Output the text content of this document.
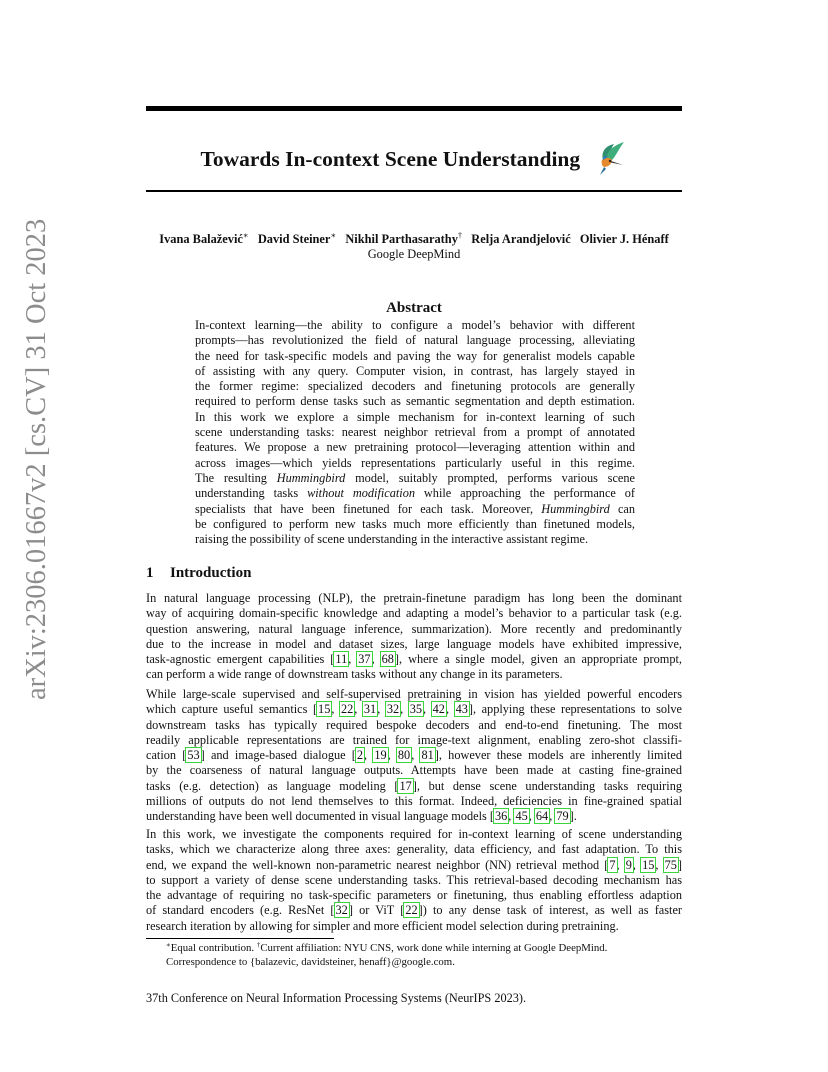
arXiv:2306.01667v2 [cs.CV] 31 Oct 2023
Towards In-context Scene Understanding
Ivana Balažević∗ David Steiner∗ Nikhil Parthasarathy† Relja Arandjelović Olivier J. Hénaff
Google DeepMind
Abstract
In-context learning—the ability to configure a model’s behavior with different
prompts—has revolutionized the field of natural language processing, alleviating
the need for task-specific models and paving the way for generalist models capable
of assisting with any query. Computer vision, in contrast, has largely stayed in
the former regime: specialized decoders and finetuning protocols are generally
required to perform dense tasks such as semantic segmentation and depth estimation.
In this work we explore a simple mechanism for in-context learning of such
scene understanding tasks: nearest neighbor retrieval from a prompt of annotated
features. We propose a new pretraining protocol—leveraging attention within and
across images—which yields representations particularly useful in this regime.
The resulting Hummingbird model, suitably prompted, performs various scene
understanding tasks without modification while approaching the performance of
specialists that have been finetuned for each task. Moreover, Hummingbird can
be configured to perform new tasks much more efficiently than finetuned models,
raising the possibility of scene understanding in the interactive assistant regime.
1 Introduction
In natural language processing (NLP), the pretrain-finetune paradigm has long been the dominant
way of acquiring domain-specific knowledge and adapting a model’s behavior to a particular task (e.g.
question answering, natural language inference, summarization). More recently and predominantly
due to the increase in model and dataset sizes, large language models have exhibited impressive,
task-agnostic emergent capabilities [11, 37, 68], where a single model, given an appropriate prompt,
can perform a wide range of downstream tasks without any change in its parameters.
While large-scale supervised and self-supervised pretraining in vision has yielded powerful encoders
which capture useful semantics [15, 22, 31, 32, 35, 42, 43], applying these representations to solve
downstream tasks has typically required bespoke decoders and end-to-end finetuning. The most
readily applicable representations are trained for image-text alignment, enabling zero-shot classifi-
cation [53] and image-based dialogue [2, 19, 80, 81], however these models are inherently limited
by the coarseness of natural language outputs. Attempts have been made at casting fine-grained
tasks (e.g. detection) as language modeling [17], but dense scene understanding tasks requiring
millions of outputs do not lend themselves to this format. Indeed, deficiencies in fine-grained spatial
understanding have been well documented in visual language models [36, 45, 64, 79].
In this work, we investigate the components required for in-context learning of scene understanding
tasks, which we characterize along three axes: generality, data efficiency, and fast adaptation. To this
end, we expand the well-known non-parametric nearest neighbor (NN) retrieval method [7, 9, 15, 75]
to support a variety of dense scene understanding tasks. This retrieval-based decoding mechanism has
the advantage of requiring no task-specific parameters or finetuning, thus enabling effortless adaption
of standard encoders (e.g. ResNet [32] or ViT [22]) to any dense task of interest, as well as faster
research iteration by allowing for simpler and more efficient model selection during pretraining.
∗Equal contribution. †Current affiliation: NYU CNS, work done while interning at Google DeepMind.
Correspondence to {balazevic, davidsteiner, henaff}@google.com.
37th Conference on Neural Information Processing Systems (NeurIPS 2023).
